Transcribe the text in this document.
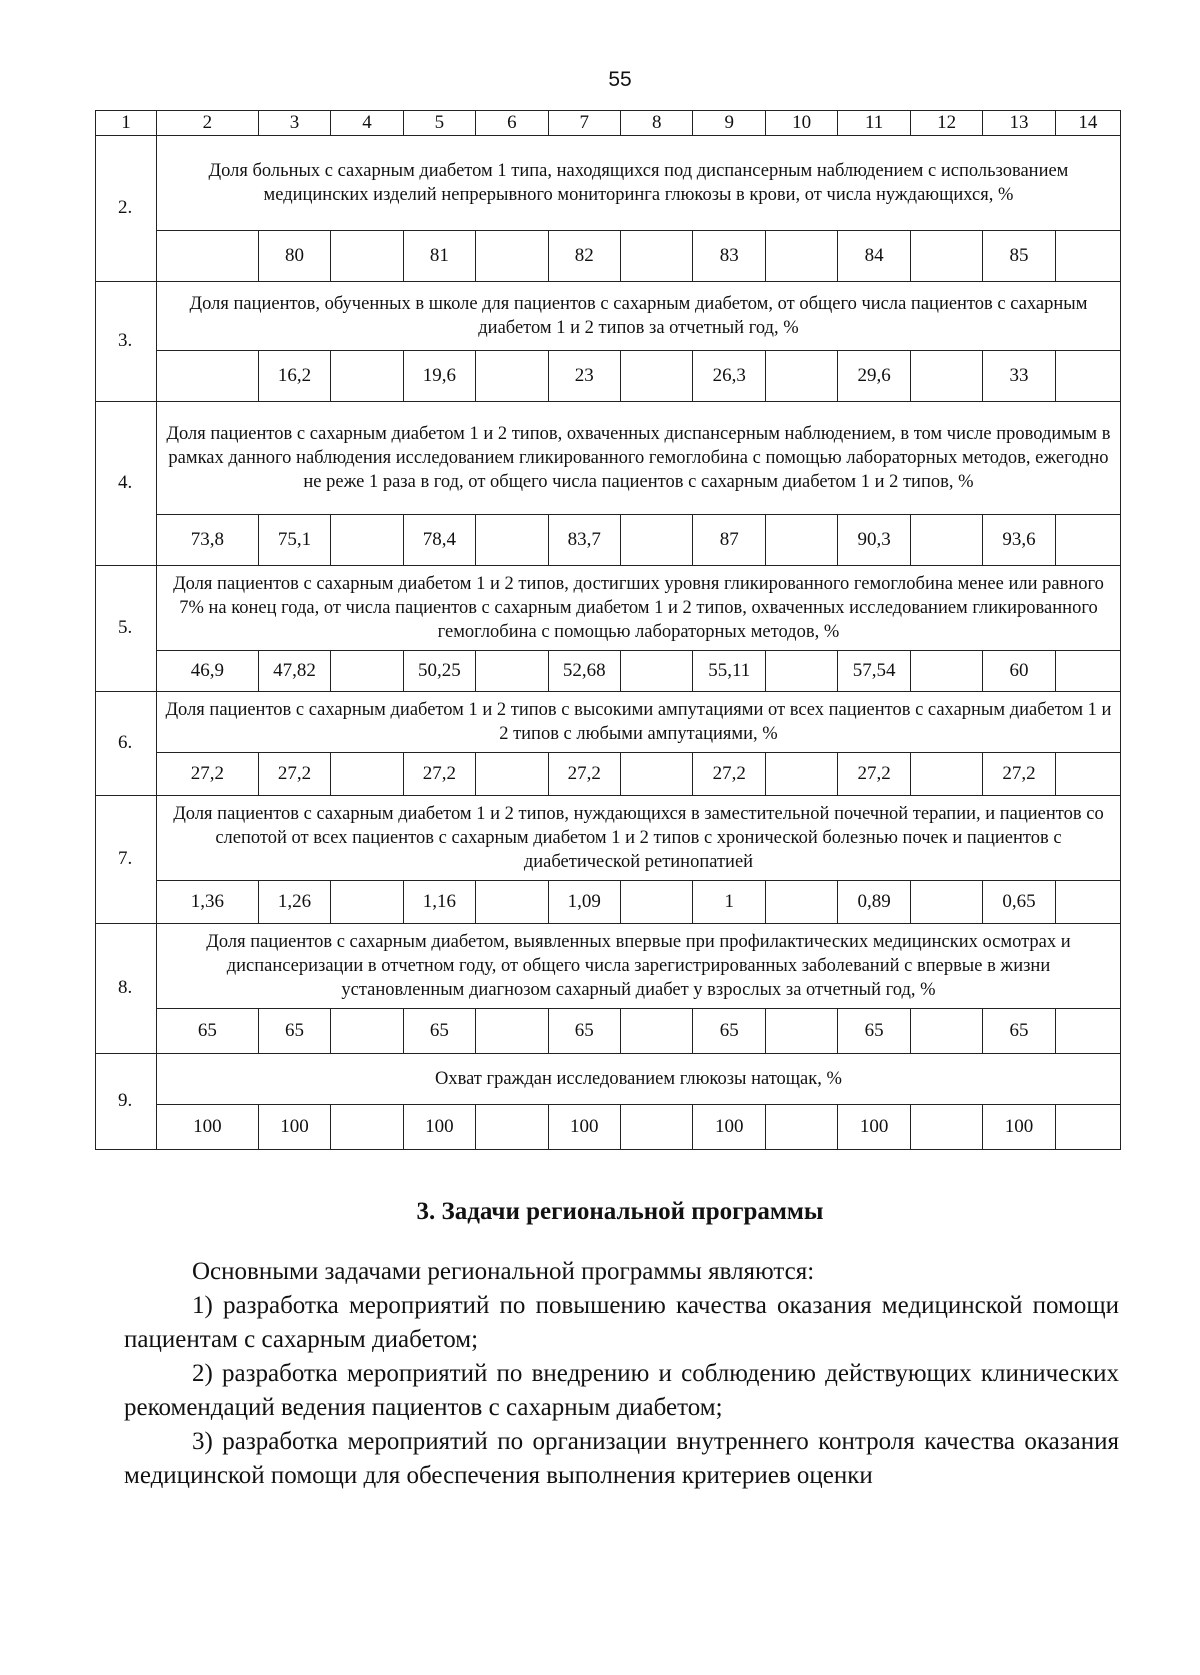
55
1	2	3	4	5	6	7	8	9	10	11	12	13	14
2.	Доля больных с сахарным диабетом 1 типа, находящихся под диспансерным наблюдением с использованием медицинских изделий непрерывного мониторинга глюкозы в крови, от числа нуждающихся, %												
		80		81		82		83		84		85	
3.	Доля пациентов, обученных в школе для пациентов с сахарным диабетом, от общего числа пациентов с сахарным диабетом 1 и 2 типов за отчетный год, %												
		16,2		19,6		23		26,3		29,6		33	
4.	Доля пациентов с сахарным диабетом 1 и 2 типов, охваченных диспансерным наблюдением, в том числе проводимым в рамках данного наблюдения исследованием гликированного гемоглобина с помощью лабораторных методов, ежегодно не реже 1 раза в год, от общего числа пациентов с сахарным диабетом 1 и 2 типов, %												
	73,8	75,1		78,4		83,7		87		90,3		93,6	
5.	Доля пациентов с сахарным диабетом 1 и 2 типов, достигших уровня гликированного гемоглобина менее или равного 7% на конец года, от числа пациентов с сахарным диабетом 1 и 2 типов, охваченных исследованием гликированного гемоглобина с помощью лабораторных методов, %												
	46,9	47,82		50,25		52,68		55,11		57,54		60	
6.	Доля пациентов с сахарным диабетом 1 и 2 типов с высокими ампутациями от всех пациентов с сахарным диабетом 1 и 2 типов с любыми ампутациями, %												
	27,2	27,2		27,2		27,2		27,2		27,2		27,2	
7.	Доля пациентов с сахарным диабетом 1 и 2 типов, нуждающихся в заместительной почечной терапии, и пациентов со слепотой от всех пациентов с сахарным диабетом 1 и 2 типов с хронической болезнью почек и пациентов с диабетической ретинопатией												
	1,36	1,26		1,16		1,09		1		0,89		0,65	
8.	Доля пациентов с сахарным диабетом, выявленных впервые при профилактических медицинских осмотрах и диспансеризации в отчетном году, от общего числа зарегистрированных заболеваний с впервые в жизни установленным диагнозом сахарный диабет у взрослых за отчетный год, %												
	65	65		65		65		65		65		65	
9.	Охват граждан исследованием глюкозы натощак, %												
	100	100		100		100		100		100		100	
3. Задачи региональной программы

Основными задачами региональной программы являются:

1) разработка мероприятий по повышению качества оказания медицинской помощи пациентам с сахарным диабетом;

2) разработка мероприятий по внедрению и соблюдению действующих клинических рекомендаций ведения пациентов с сахарным диабетом;

3) разработка мероприятий по организации внутреннего контроля качества оказания медицинской помощи для обеспечения выполнения критериев оценки
